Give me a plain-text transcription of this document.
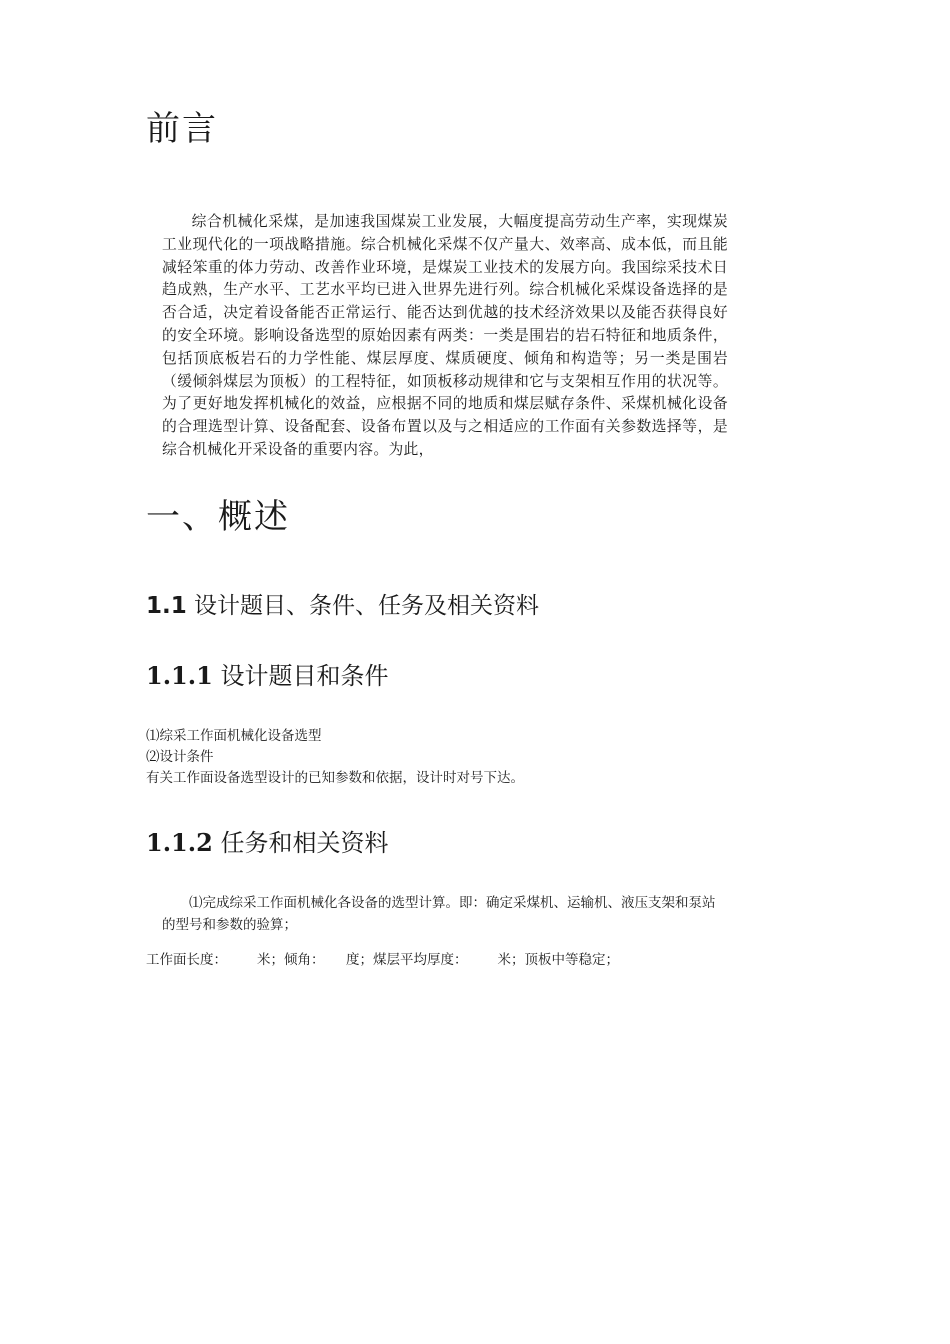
前言

综合机械化采煤，是加速我国煤炭工业发展，大幅度提高劳动生产率，实现煤炭工业现代化的一项战略措施。综合机械化采煤不仅产量大、效率高、成本低，而且能减轻笨重的体力劳动、改善作业环境，是煤炭工业技术的发展方向。我国综采技术日趋成熟，生产水平、工艺水平均已进入世界先进行列。综合机械化采煤设备选择的是否合适，决定着设备能否正常运行、能否达到优越的技术经济效果以及能否获得良好的安全环境。影响设备选型的原始因素有两类：一类是围岩的岩石特征和地质条件，包括顶底板岩石的力学性能、煤层厚度、煤质硬度、倾角和构造等；另一类是围岩（缓倾斜煤层为顶板）的工程特征，如顶板移动规律和它与支架相互作用的状况等。为了更好地发挥机械化的效益，应根据不同的地质和煤层赋存条件、采煤机械化设备的合理选型计算、设备配套、设备布置以及与之相适应的工作面有关参数选择等，是综合机械化开采设备的重要内容。为此，

一、概述
1.1 设计题目、条件、任务及相关资料
1.1.1 设计题目和条件
⑴综采工作面机械化设备选型
⑵设计条件
有关工作面设备选型设计的已知参数和依据，设计时对号下达。
1.1.2 任务和相关资料

⑴完成综采工作面机械化各设备的选型计算。即：确定采煤机、运输机、液压支架和泵站的型号和参数的验算；

工作面长度：       米；倾角：     度；煤层平均厚度：       米；顶板中等稳定；
